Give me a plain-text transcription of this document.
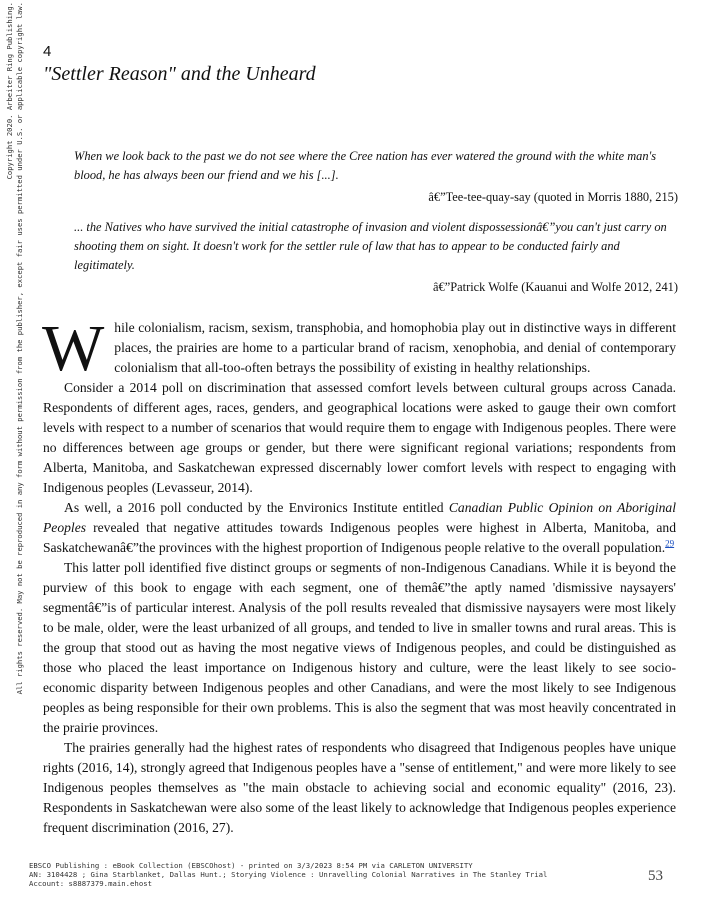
Copyright 2020. Arbeiter Ring Publishing. All rights reserved. May not be reproduced in any form without permission from the publisher, except fair uses permitted under U.S. or applicable copyright law. 4
"Settler Reason" and the Unheard
When we look back to the past we do not see where the Cree nation has ever watered the ground with the white man's blood, he has always been our friend and we his [...].
â€”Tee-tee-quay-say (quoted in Morris 1880, 215)
... the Natives who have survived the initial catastrophe of invasion and violent dispossessionâ€”you can't just carry on shooting them on sight. It doesn't work for the settler rule of law that has to appear to be conducted fairly and legitimately.
â€”Patrick Wolfe (Kauanui and Wolfe 2012, 241)

While colonialism, racism, sexism, transphobia, and homophobia play out in distinctive ways in different places, the prairies are home to a particular brand of racism, xenophobia, and denial of contemporary colonialism that all-too-often betrays the possibility of existing in healthy relationships.

Consider a 2014 poll on discrimination that assessed comfort levels between cultural groups across Canada. Respondents of different ages, races, genders, and geographical locations were asked to gauge their own comfort levels with respect to a number of scenarios that would require them to engage with Indigenous peoples. There were no differences between age groups or gender, but there were significant regional variations; respondents from Alberta, Manitoba, and Saskatchewan expressed discernably lower comfort levels with respect to engaging with Indigenous peoples (Levasseur, 2014).

As well, a 2016 poll conducted by the Environics Institute entitled Canadian Public Opinion on Aboriginal Peoples revealed that negative attitudes towards Indigenous peoples were highest in Alberta, Manitoba, and Saskatchewanâ€”the provinces with the highest proportion of Indigenous people relative to the overall population.$^{29}$

This latter poll identified five distinct groups or segments of non-Indigenous Canadians. While it is beyond the purview of this book to engage with each segment, one of themâ€”the aptly named 'dismissive naysayers' segmentâ€”is of particular interest. Analysis of the poll results revealed that dismissive naysayers were most likely to be male, older, were the least urbanized of all groups, and tended to live in smaller towns and rural areas. This is the group that stood out as having the most negative views of Indigenous peoples, and could be distinguished as those who placed the least importance on Indigenous history and culture, were the least likely to see socio-economic disparity between Indigenous peoples and other Canadians, and were the most likely to see Indigenous peoples as being responsible for their own problems. This is also the segment that was most heavily concentrated in the prairie provinces.

The prairies generally had the highest rates of respondents who disagreed that Indigenous peoples have unique rights (2016, 14), strongly agreed that Indigenous peoples have a "sense of entitlement," and were more likely to see Indigenous peoples themselves as "the main obstacle to achieving social and economic equality" (2016, 23). Respondents in Saskatchewan were also some of the least likely to acknowledge that Indigenous peoples experience frequent discrimination (2016, 27).

EBSCO Publishing : eBook Collection (EBSCOhost) - printed on 3/3/2023 8:54 PM via CARLETON UNIVERSITY
AN: 3104428 ; Gina Starblanket, Dallas Hunt.; Storying Violence : Unravelling Colonial Narratives in The Stanley Trial
Account: s8887379.main.ehost	53
